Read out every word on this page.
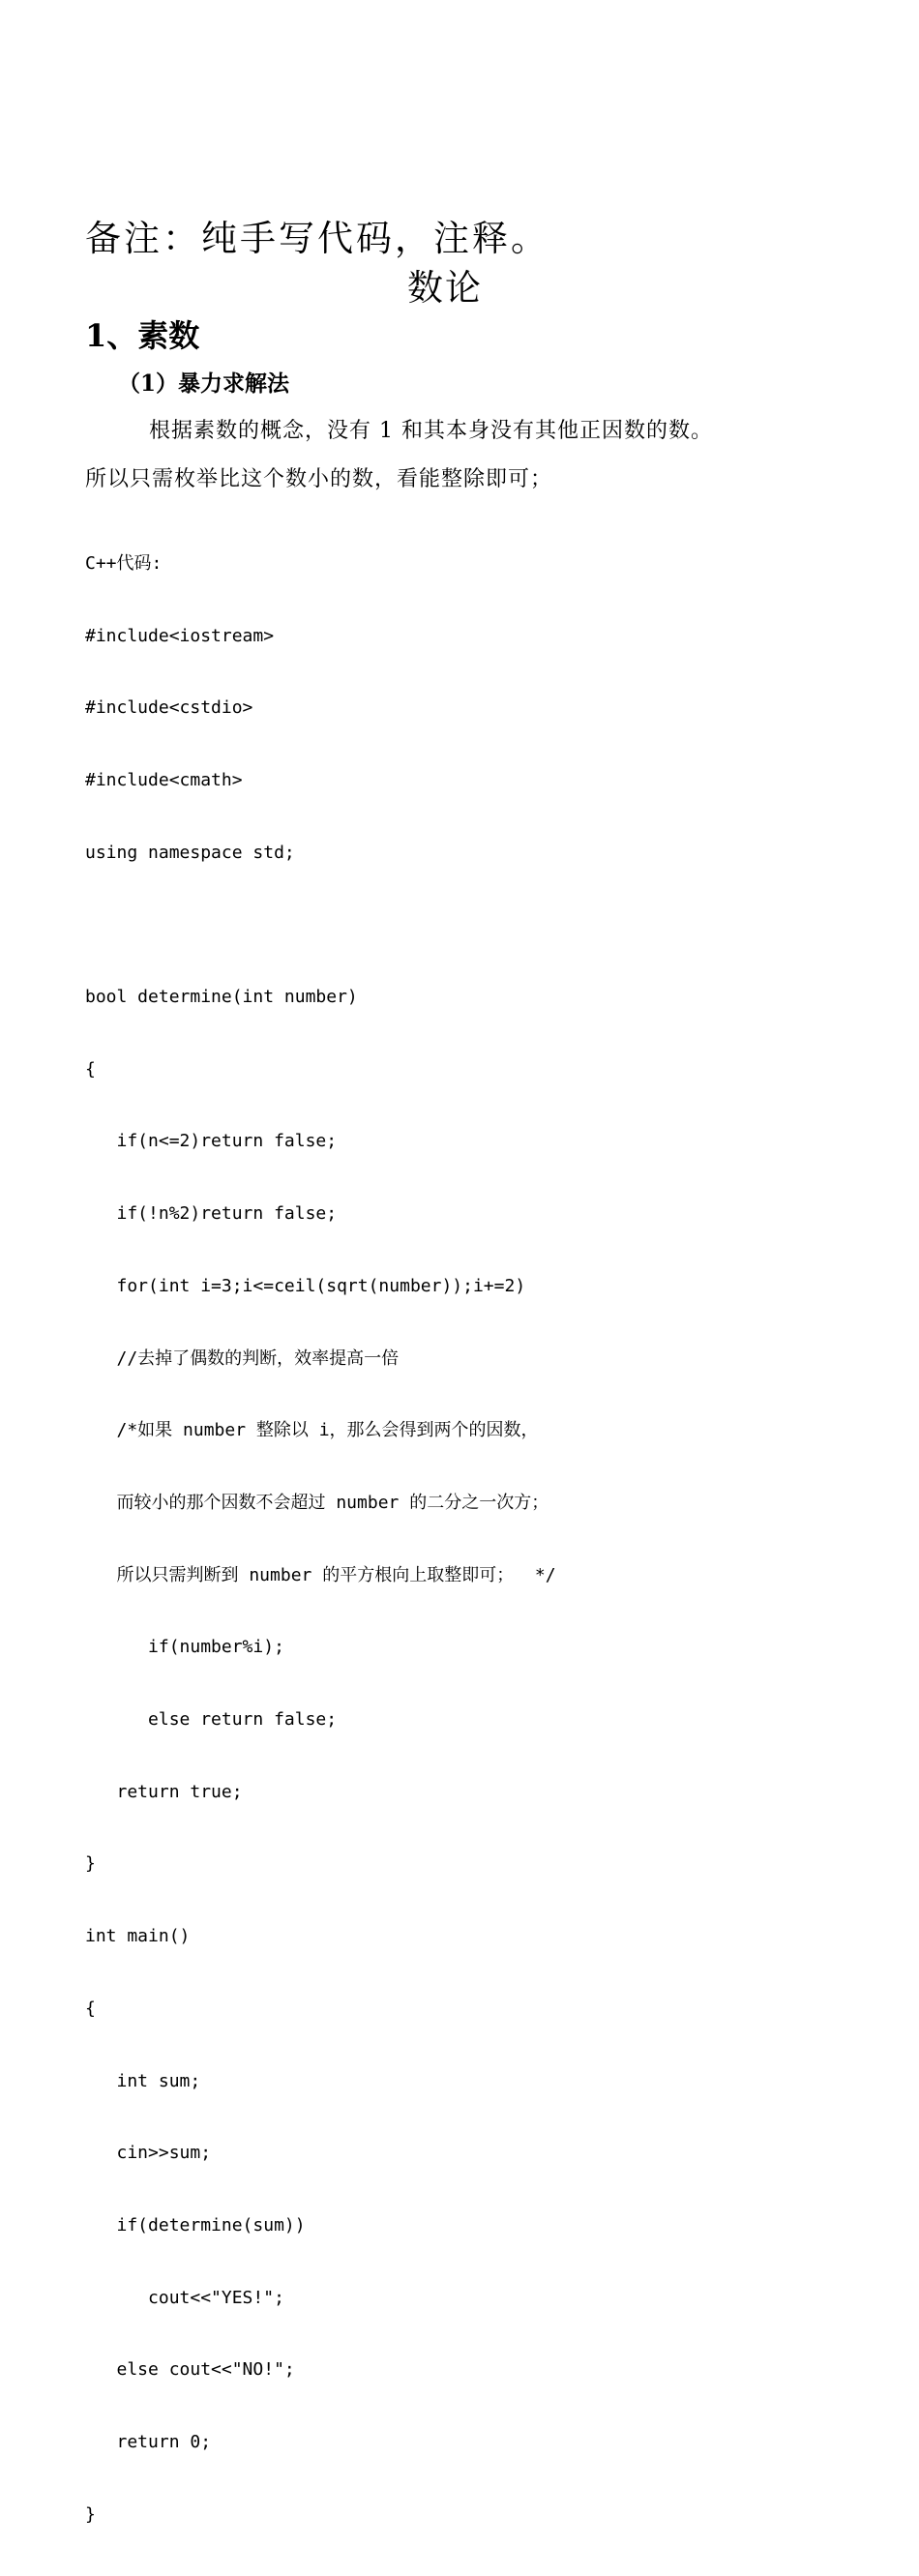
备注：纯手写代码，注释。
数论
1、素数
（1）暴力求解法
根据素数的概念，没有 1 和其本身没有其他正因数的数。
所以只需枚举比这个数小的数，看能整除即可；

C++代码:

#include<iostream>

#include<cstdio>

#include<cmath>

using namespace std;

bool determine(int number)

{

if(n<=2)return false;

if(!n%2)return false;

for(int i=3;i<=ceil(sqrt(number));i+=2)

//去掉了偶数的判断，效率提高一倍

/*如果 number 整除以 i，那么会得到两个的因数，

而较小的那个因数不会超过 number 的二分之一次方；

所以只需判断到 number 的平方根向上取整即可；  */

if(number%i);

else return false;

return true;

}

int main()

{

int sum;

cin>>sum;

if(determine(sum))

cout<<"YES!";

else cout<<"NO!";

return 0;

}
